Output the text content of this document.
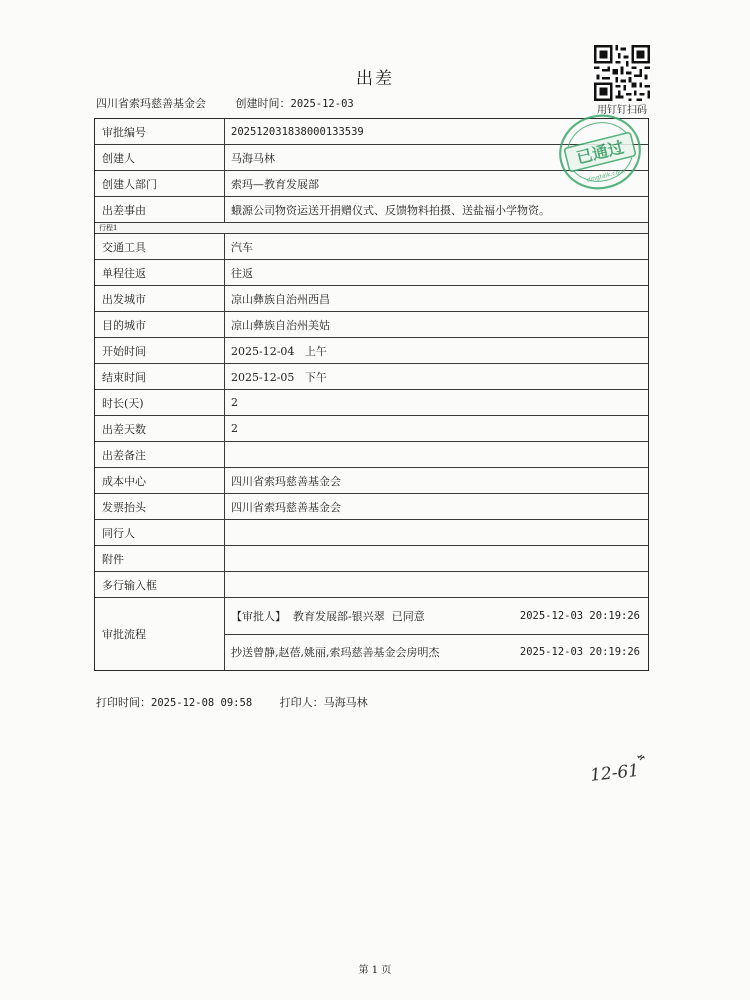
出差
四川省索玛慈善基金会	创建时间：2025-12-03
用钉钉扫码
审批编号	202512031838000133539
创建人	马海马林
创建人部门	索玛—教育发展部
出差事由	蛾源公司物资运送开捐赠仪式、反馈物料拍摄、送盐福小学物资。
行程1
交通工具	汽车
单程往返	往返
出发城市	凉山彝族自治州西昌
目的城市	凉山彝族自治州美姑
开始时间	2025-12-04   上午
结束时间	2025-12-05   下午
时长(天)	2
出差天数	2
出差备注
成本中心	四川省索玛慈善基金会
发票抬头	四川省索玛慈善基金会
同行人
附件
多行输入框
审批流程
【审批人】  教育发展部-银兴翠  已同意	2025-12-03 20:19:26
抄送曾静,赵蓓,姚丽,索玛慈善基金会房明杰	2025-12-03 20:19:26
已通过
dingtalk.com
打印时间：2025-12-08 09:58	打印人：马海马林
12-61
第 1 页
